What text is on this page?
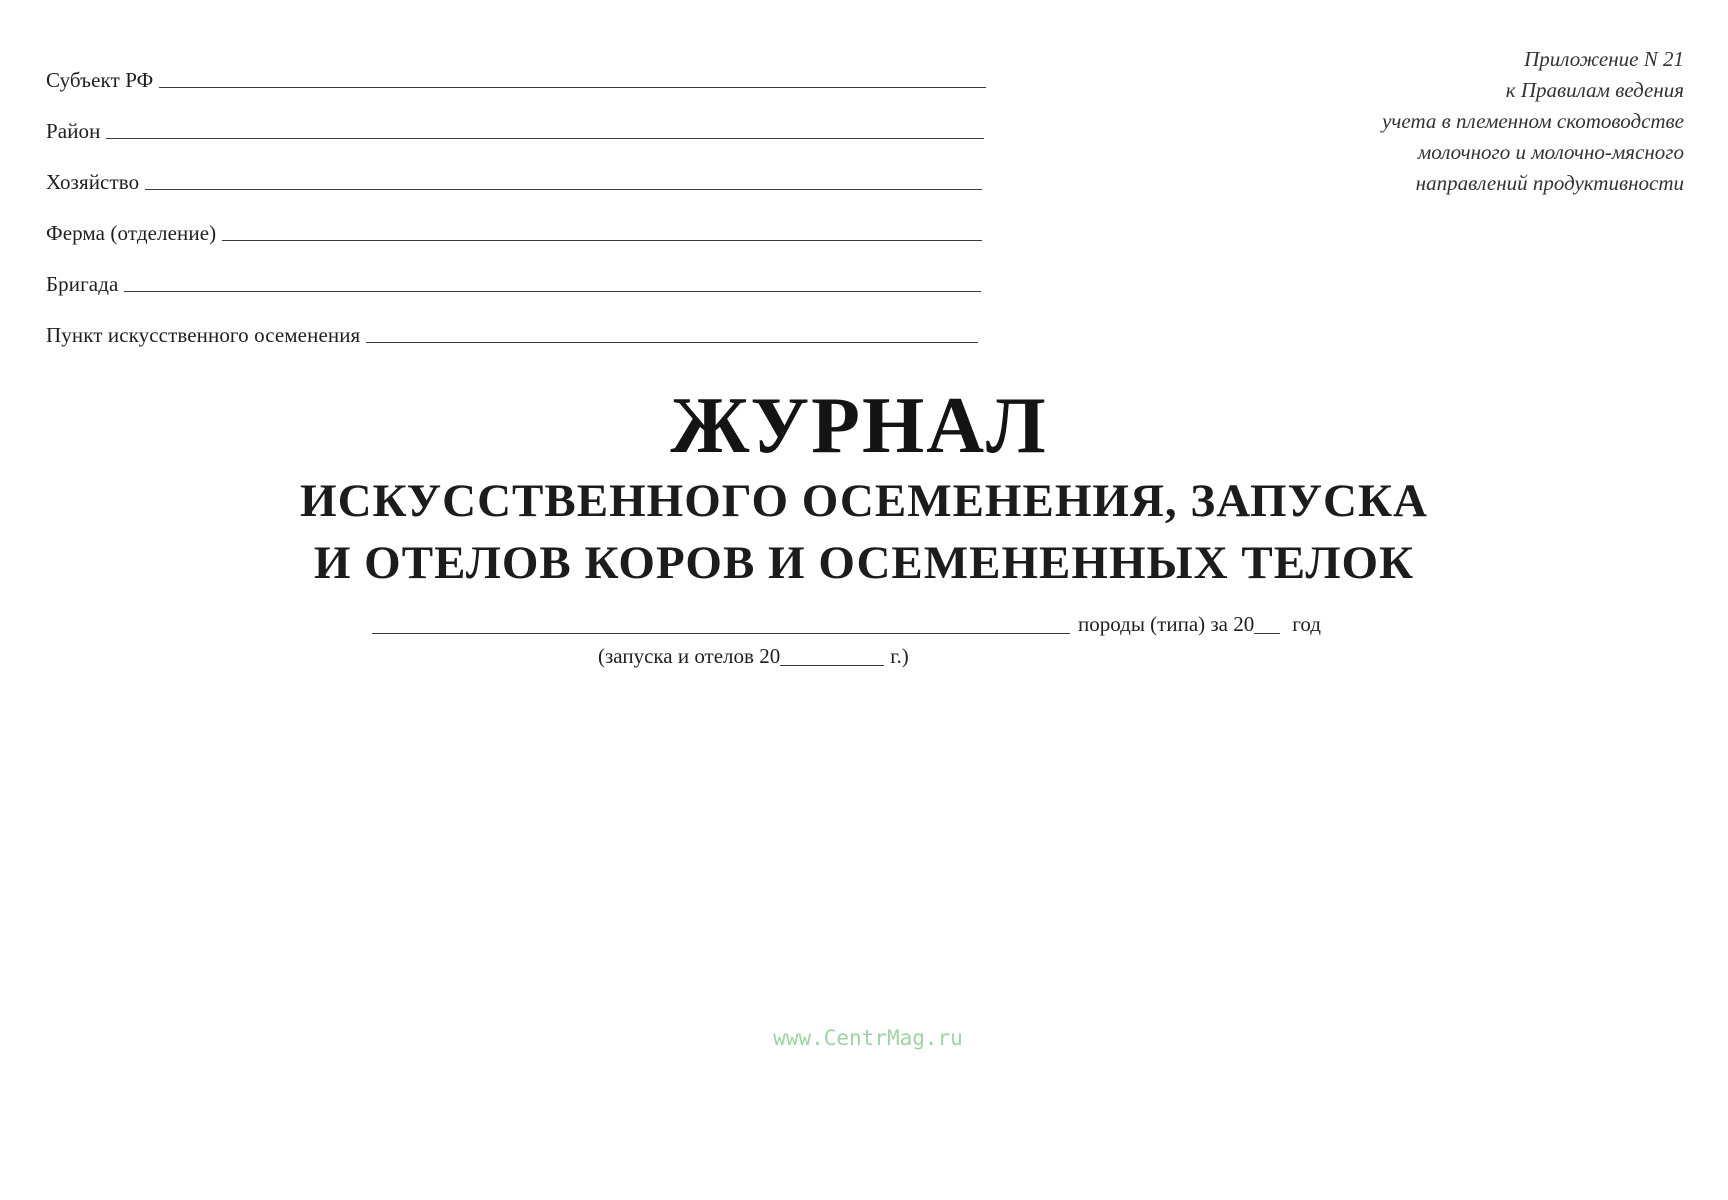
Субъект РФ
Район
Хозяйство
Ферма (отделение)
Бригада
Пункт искусственного осеменения
Приложение N 21
к Правилам ведения
учета в племенном скотоводстве
молочного и молочно-мясного
направлений продуктивности
ЖУРНАЛ
ИСКУССТВЕННОГО ОСЕМЕНЕНИЯ, ЗАПУСКА
И ОТЕЛОВ КОРОВ И ОСЕМЕНЕННЫХ ТЕЛОК
породы (типа) за 20 год
(запуска и отелов 20	г.)
www.CentrMag.ru
